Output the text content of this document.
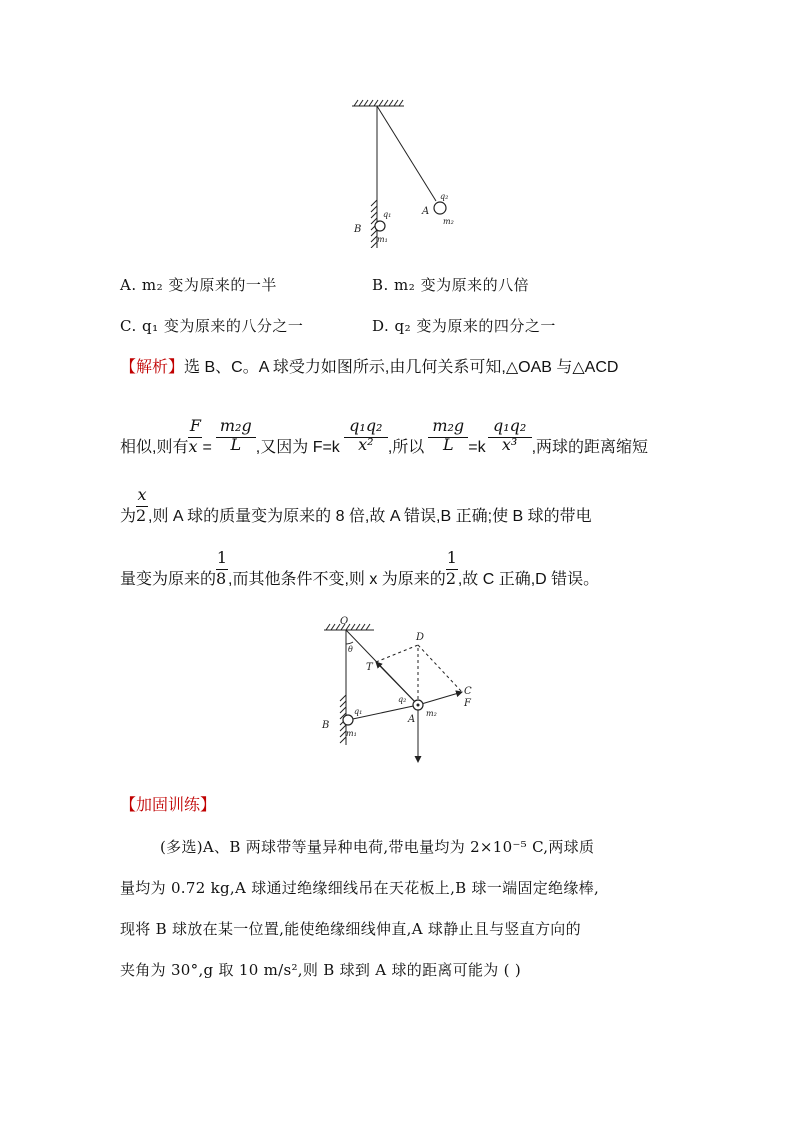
B
q₁
m₁
A
q₂
m₂
A. m₂ 变为原来的一半	B. m₂ 变为原来的八倍
C. q₁ 变为原来的八分之一	D. q₂ 变为原来的四分之一
【解析】选 B、C。A 球受力如图所示,由几何关系可知,△OAB 与△ACD
相似,则有 $\frac{F}{x}= \frac{\text{m₂g}}{L}$ ,又因为 $F=k \frac{\text{q₁q₂}}{\text{x²}}$ ,所以 $\frac{\text{m₂g}}{L} =k \frac{\text{q₁q₂}}{\text{x³}}$ ,两球的距离缩短
为 $\frac{x}{2}$,则 A 球的质量变为原来的 8 倍,故 A 错误,B 正确;使 B 球的带电
量变为原来的 $\frac{1}{8}$,而其他条件不变,则 x 为原来的 $\frac{1}{2}$,故 C 正确,D 错误。
O
D
θ
T
C
F
A
q₂
m₂
B
q₁
m₁
【加固训练】
(多选)A、B 两球带等量异种电荷,带电量均为 2×10⁻⁵ C,两球质
量均为 0.72 kg,A 球通过绝缘细线吊在天花板上,B 球一端固定绝缘棒,
现将 B 球放在某一位置,能使绝缘细线伸直,A 球静止且与竖直方向的
夹角为 30°,g 取 10 m/s²,则 B 球到 A 球的距离可能为 ( )
